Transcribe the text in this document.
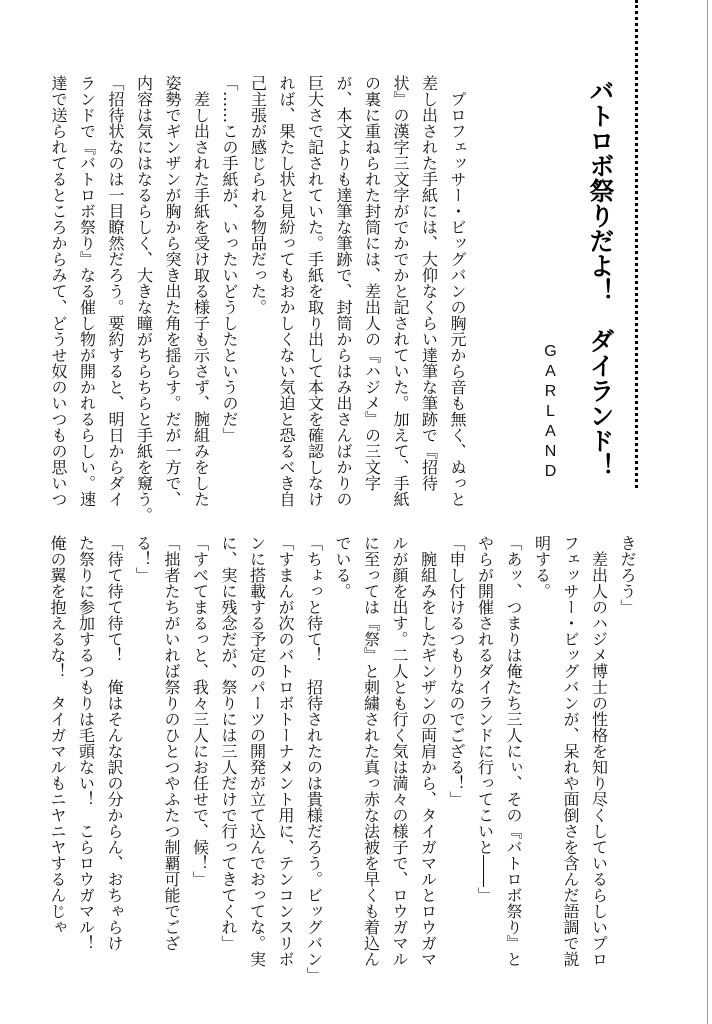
バトロボ祭りだよ！　ダイランド！
GARLAND
　プロフェッサー・ビッグバンの胸元から音も無く、ぬっと
差し出された手紙には、大仰なくらい達筆な筆跡で『招待
状』の漢字三文字がでかでかと記されていた。加えて、手紙
の裏に重ねられた封筒には、差出人の『ハジメ』の三文字
が、本文よりも達筆な筆跡で、封筒からはみ出さんばかりの
巨大さで記されていた。手紙を取り出して本文を確認しなけ
れば、果たし状と見紛ってもおかしくない気迫と恐るべき自
己主張が感じられる物品だった。
「……この手紙が、いったいどうしたというのだ」
　差し出された手紙を受け取る様子も示さず、腕組みをした
姿勢でギンザンが胸から突き出た角を揺らす。だが一方で、
内容は気にはなるらしく、大きな瞳がちらちらと手紙を窺う。
「招待状なのは一目瞭然だろう。要約すると、明日からダイ
ランドで『バトロボ祭り』なる催し物が開かれるらしい。速
達で送られてるところからみて、どうせ奴のいつもの思いつ
きだろう」
　差出人のハジメ博士の性格を知り尽くしているらしいプロ
フェッサー・ビッグバンが、呆れや面倒さを含んだ語調で説
明する。
「あッ、つまりは俺たち三人にぃ、その『バトロボ祭り』と
やらが開催されるダイランドに行ってこいと――」
「申し付けるつもりなのでござる！」
　腕組みをしたギンザンの両肩から、タイガマルとロウガマ
ルが顔を出す。二人とも行く気は満々の様子で、ロウガマル
に至っては『祭』と刺繍された真っ赤な法被を早くも着込ん
でいる。
「ちょっと待て！　招待されたのは貴様だろう。ビッグバン」
「すまんが次のバトロボトーナメント用に、テンコンスリボ
ンに搭載する予定のパーツの開発が立て込んでおってな。実
に、実に残念だが、祭りには三人だけで行ってきてくれ」
「すべてまるっと、我々三人にお任せで、候！」
「拙者たちがいれば祭りのひとつやふたつ制覇可能でござ
る！」
「待て待て待て！　俺はそんな訳の分からん、おちゃらけ
た祭りに参加するつもりは毛頭ない！　こらロウガマル！
俺の翼を抱えるな！　タイガマルもニヤニヤするんじゃ
